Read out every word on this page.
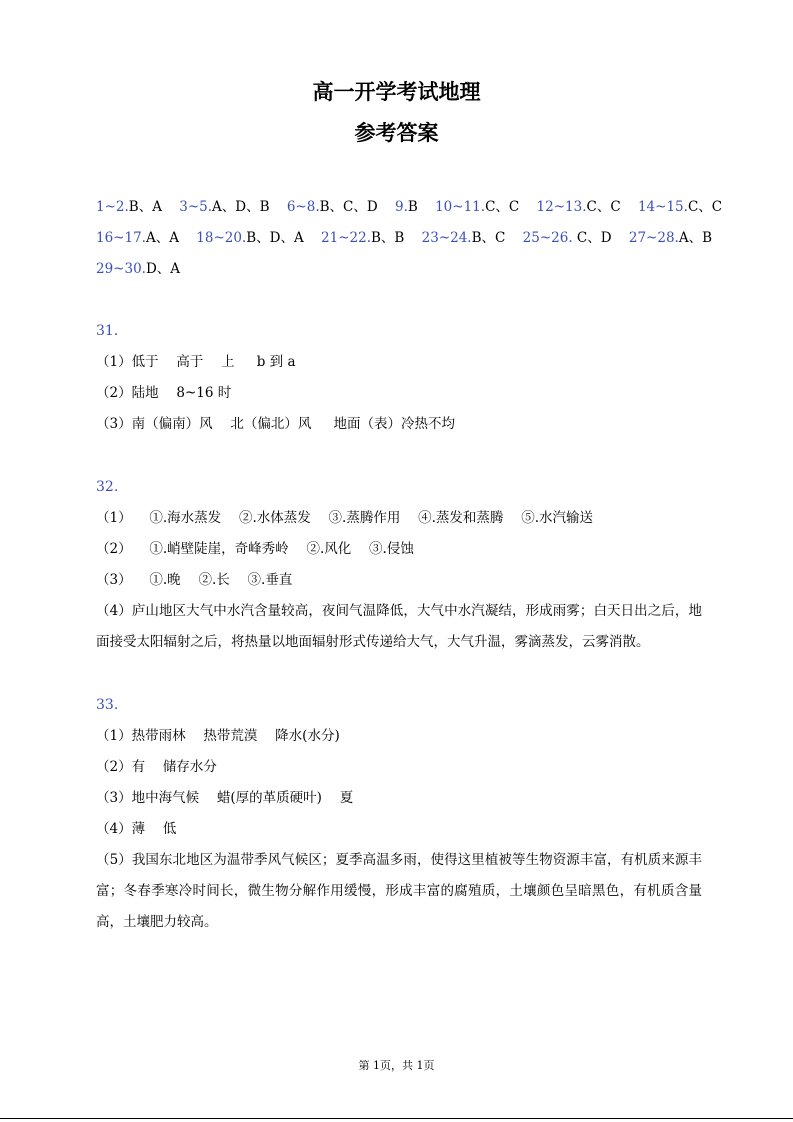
高一开学考试地理
参考答案
1~2.B、A 3~5.A、D、B 6~8.B、C、D 9.B 10~11.C、C 12~13.C、C 14~15.C、C
16~17.A、A 18~20.B、D、A 21~22.B、B 23~24.B、C 25~26. C、D 27~28.A、B
29~30.D、A
31.
（1）低于 　高于 　上 　 b 到 a
（2）陆地 　8~16 时
（3）南（偏南）风 　北（偏北）风 　 地面（表）冷热不均
32.
（1） 　①.海水蒸发 　②.水体蒸发 　③.蒸腾作用 　④.蒸发和蒸腾 　⑤.水汽输送
（2） 　①.峭壁陡崖，奇峰秀岭 　②.风化 　③.侵蚀
（3） 　①.晚 　②.长 　③.垂直
（4）庐山地区大气中水汽含量较高，夜间气温降低，大气中水汽凝结，形成雨雾；白天日出之后，地面接受太阳辐射之后，将热量以地面辐射形式传递给大气，大气升温，雾滴蒸发，云雾消散。
33.
（1）热带雨林 　热带荒漠 　降水(水分)
（2）有 　储存水分
（3）地中海气候 　蜡(厚的革质硬叶) 　夏
（4）薄 　低
（5）我国东北地区为温带季风气候区；夏季高温多雨，使得这里植被等生物资源丰富，有机质来源丰富；冬春季寒冷时间长，微生物分解作用缓慢，形成丰富的腐殖质，土壤颜色呈暗黑色，有机质含量高，土壤肥力较高。
第 1页，共 1页
